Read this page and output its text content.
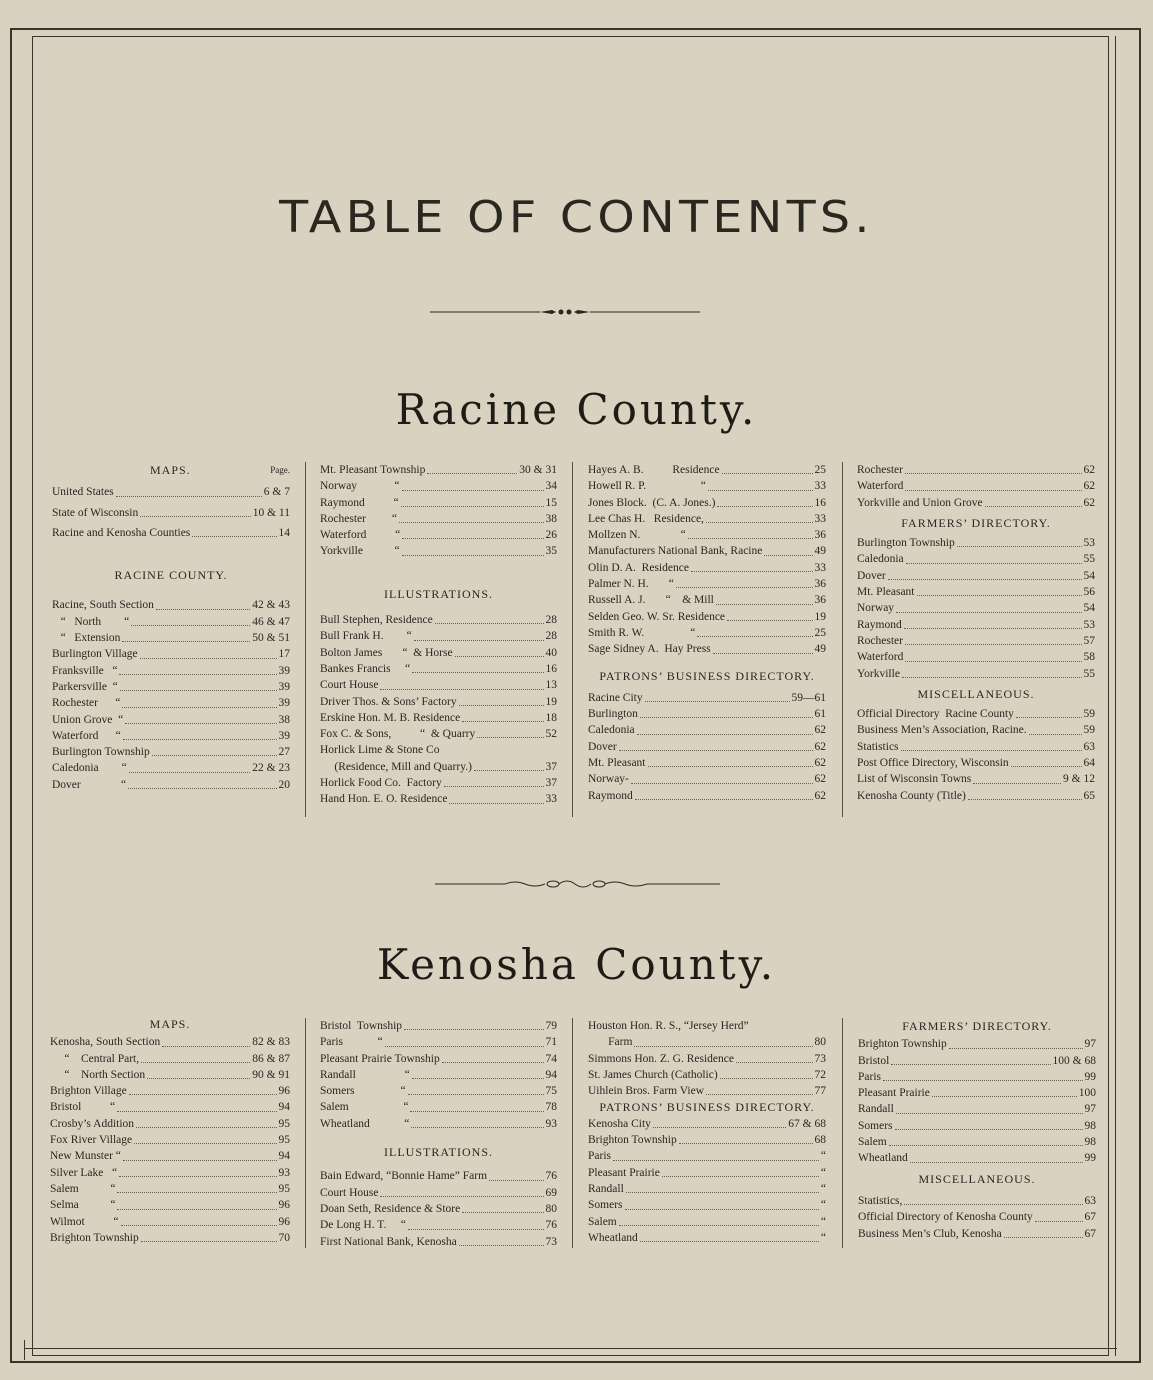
TABLE OF CONTENTS.
Racine County.
MAPS.	Page.
United States	6 & 7
State of Wisconsin	10 & 11
Racine and Kenosha Counties	14
RACINE COUNTY.
Racine, South Section	42 & 43
“   North        “	46 & 47
“   Extension	50 & 51
Burlington Village	17
Franksville   “	39
Parkersville  “	39
Rochester      “	39
Union Grove  “	38
Waterford      “	39
Burlington Township	27
Caledonia        “	22 & 23
Dover              “	20
Mt. Pleasant Township	30 & 31
Norway             “	34
Raymond          “	15
Rochester         “	38
Waterford          “	26
Yorkville           “	35
ILLUSTRATIONS.
Bull Stephen, Residence	28
Bull Frank H.        “	28
Bolton James       “  & Horse	40
Bankes Francis     “	16
Court House	13
Driver Thos. & Sons’ Factory	19
Erskine Hon. M. B. Residence	18
Fox C. & Sons,          “  & Quarry	52
Horlick Lime & Stone Co
(Residence, Mill and Quarry.)	37
Horlick Food Co.  Factory	37
Hand Hon. E. O. Residence	33
Hayes A. B.          Residence	25
Howell R. P.                   “	33
Jones Block.  (C. A. Jones.)	16
Lee Chas H.   Residence,	33
Mollzen N.              “	36
Manufacturers National Bank, Racine	49
Olin D. A.  Residence	33
Palmer N. H.       “	36
Russell A. J.       “    & Mill	36
Selden Geo. W. Sr. Residence	19
Smith R. W.                “	25
Sage Sidney A.  Hay Press	49
PATRONS’ BUSINESS DIRECTORY.
Racine City	59—61
Burlington	61
Caledonia	62
Dover	62
Mt. Pleasant	62
Norway-	62
Raymond	62
Rochester	62
Waterford	62
Yorkville and Union Grove	62
FARMERS’ DIRECTORY.
Burlington Township	53
Caledonia	55
Dover	54
Mt. Pleasant	56
Norway	54
Raymond	53
Rochester	57
Waterford	58
Yorkville	55
MISCELLANEOUS.
Official Directory  Racine County	59
Business Men’s Association, Racine.	59
Statistics	63
Post Office Directory, Wisconsin	64
List of Wisconsin Towns	9 & 12
Kenosha County (Title)	65
Kenosha County.
MAPS.
Kenosha, South Section	82 & 83
“    Central Part,	86 & 87
“    North Section	90 & 91
Brighton Village	96
Bristol          “	94
Crosby’s Addition	95
Fox River Village	95
New Munster “	94
Silver Lake   “	93
Salem           “	95
Selma           “	96
Wilmot          “	96
Brighton Township	70
Bristol  Township	79
Paris            “	71
Pleasant Prairie Township	74
Randall                 “	94
Somers                “	75
Salem                   “	78
Wheatland            “	93
ILLUSTRATIONS.
Bain Edward, “Bonnie Hame” Farm	76
Court House	69
Doan Seth, Residence & Store	80
De Long H. T.     “	76
First National Bank, Kenosha	73
Houston Hon. R. S., “Jersey Herd”
Farm	80
Simmons Hon. Z. G. Residence	73
St. James Church (Catholic)	72
Uihlein Bros. Farm View	77
PATRONS’ BUSINESS DIRECTORY.
Kenosha City	67 & 68
Brighton Township	68
Paris	“
Pleasant Prairie	“
Randall	“
Somers	“
Salem	“
Wheatland	“
FARMERS’ DIRECTORY.
Brighton Township	97
Bristol	100 & 68
Paris	99
Pleasant Prairie	100
Randall	97
Somers	98
Salem	98
Wheatland	99
MISCELLANEOUS.
Statistics,	63
Official Directory of Kenosha County	67
Business Men’s Club, Kenosha	67
